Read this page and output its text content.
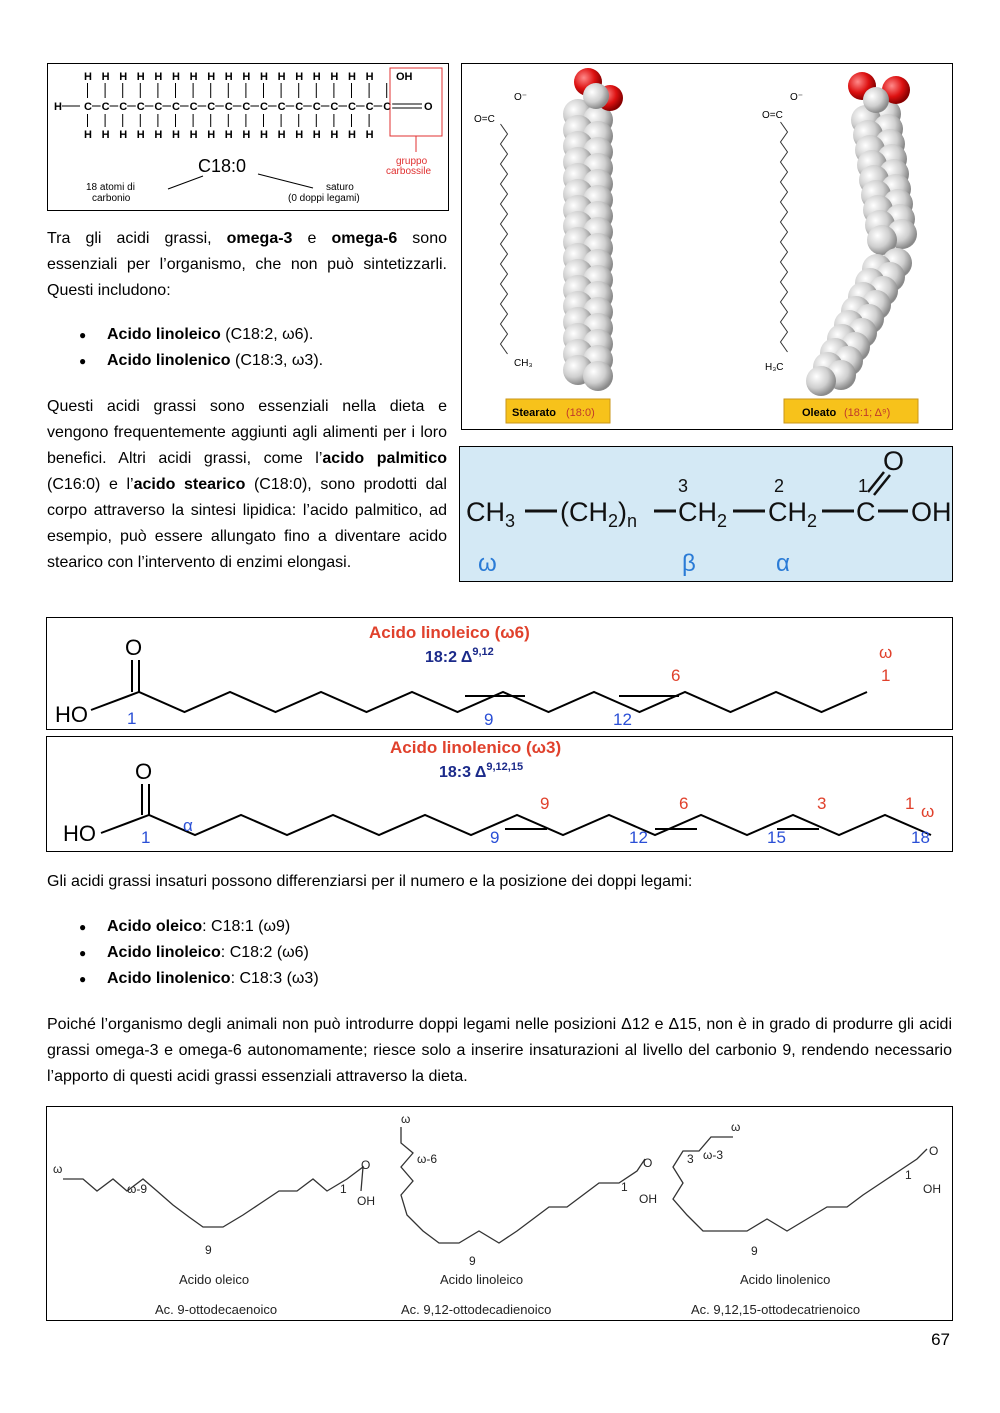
H C
H
H
C
H
H
C
H
H
C
H
H
C
H
H
C
H
H
C
H
H
C
H
H
C
H
H
C
H
H
C
H
H
C
H
H
C
H
H
C
H
H
C
H
H
C
H
H
C
H
H
C
OH
O
C18:0
18 atomi di
carbonio
saturo
(0 doppi legami)
gruppo
carbossile
Tra gli acidi grassi, omega-3 e omega-6 sono essenziali per l’organismo, che non può sintetizzarli. Questi includono:
● Acido linoleico (C18:2, ω6).
● Acido linolenico (C18:3, ω3).
Questi acidi grassi sono essenziali nella dieta e vengono frequentemente aggiunti agli alimenti per i loro benefici. Altri acidi grassi, come l’acido palmitico (C16:0) e l’acido stearico (C18:0), sono prodotti dal corpo attraverso la sintesi lipidica: l’acido palmitico, ad esempio, può essere allungato fino a diventare acido stearico con l’intervento di enzimi elongasi.
O=C
O⁻
CH₃
O=C
O⁻
H₃C
Stearato (18:0)	Oleato (18:1; Δ⁹)
$CH_3$ $(CH_2)_n$ $CH_2$ $CH_2$ C OH
O
3	2	1
ω	β	α
Acido linoleico (ω6)
18:2 Δ$^{9,12}$
HO
O
1	9	12
6
ω
1
Acido linolenico (ω3)
18:3 Δ$^{9,12,15}$
HO
O
1
α
9	12	15	18
9	6	3	1 ω
Gli acidi grassi insaturi possono differenziarsi per il numero e la posizione dei doppi legami:
● Acido oleico: C18:1 (ω9)
● Acido linoleico: C18:2 (ω6)
● Acido linolenico: C18:3 (ω3)
Poiché l’organismo degli animali non può introdurre doppi legami nelle posizioni Δ12 e Δ15, non è in grado di produrre gli acidi grassi omega-3 e omega-6 autonomamente; riesce solo a inserire insaturazioni al livello del carbonio 9, rendendo necessario l’apporto di questi acidi grassi essenziali attraverso la dieta.
ω
ω-9
O
OH
1
9
Acido oleico
Ac. 9-ottodecaenoico
ω
ω-6	O
OH
1
9
Acido linoleico
Ac. 9,12-ottodecadienoico
ω
ω-3
3
O
OH
1
9
Acido linolenico
Ac. 9,12,15-ottodecatrienoico
67
